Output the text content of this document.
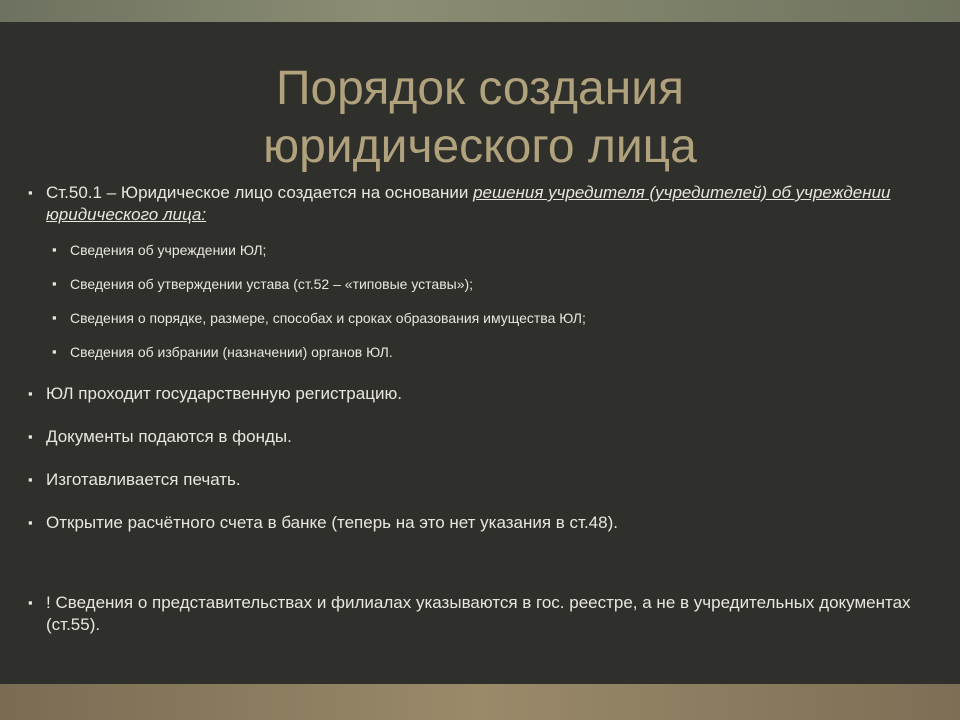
Порядок создания
юридического лица
▪ Ст.50.1 – Юридическое лицо создается на основании решения учредителя (учредителей) об учреждении юридического лица:
▪ Сведения об учреждении ЮЛ;
▪ Сведения об утверждении устава (ст.52 – «типовые уставы»);
▪ Сведения о порядке, размере, способах и сроках образования имущества ЮЛ;
▪ Сведения об избрании (назначении) органов ЮЛ.
▪ ЮЛ проходит государственную регистрацию.
▪ Документы подаются в фонды.
▪ Изготавливается печать.
▪ Открытие расчётного счета в банке (теперь на это нет указания в ст.48).
▪ ! Сведения о представительствах и филиалах указываются в гос. реестре, а не в учредительных документах (ст.55).
